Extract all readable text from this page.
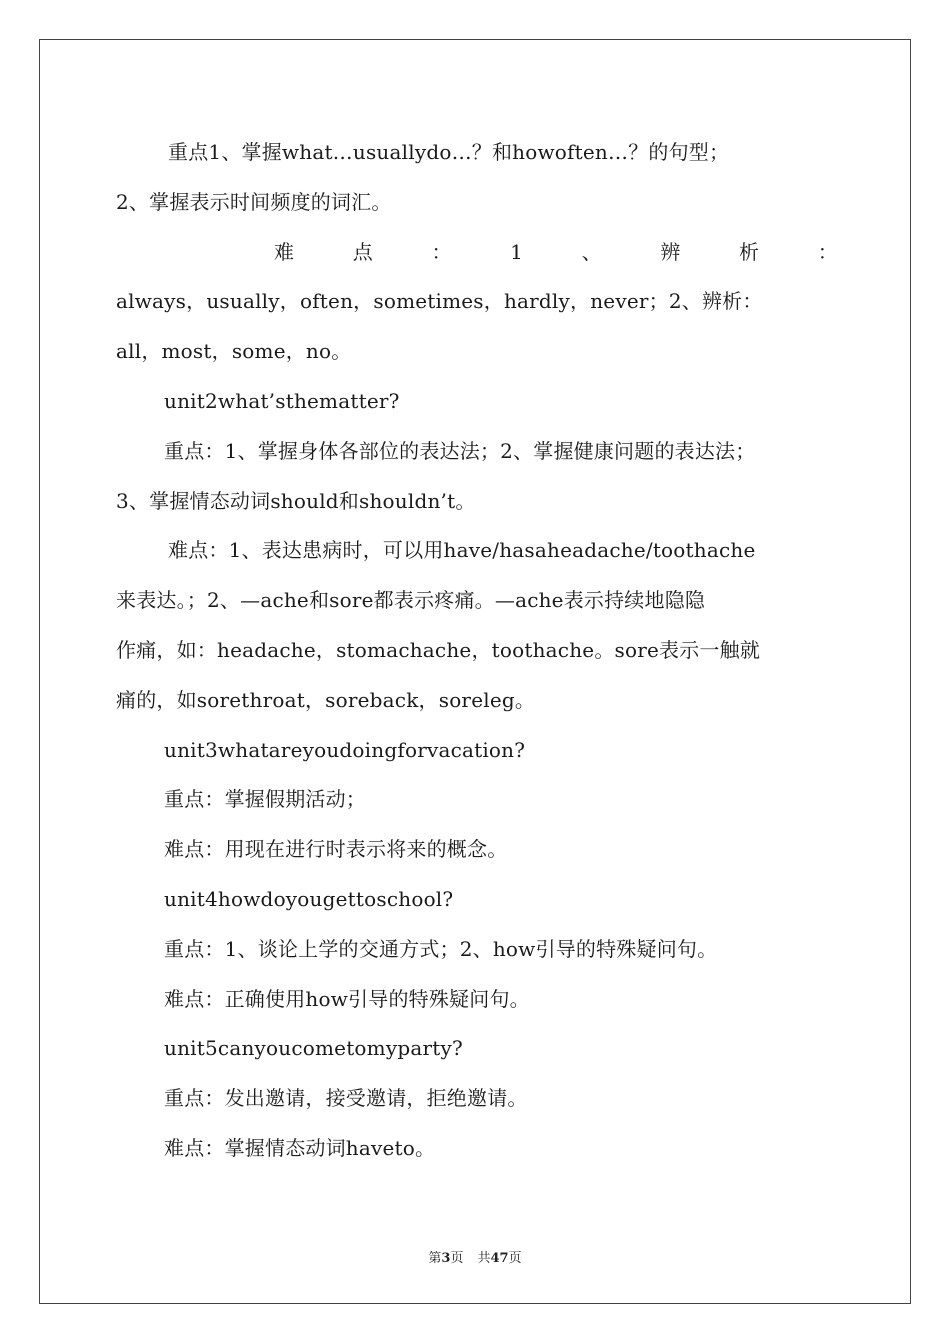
重点1、掌握what…usuallydo…？和howoften…？的句型；

2、掌握表示时间频度的词汇。

难	点	：	1	、	辨	析	：

always，usually，often，sometimes，hardly，never；2、辨析：

all，most，some，no。

unit2what’sthematter?

重点：1、掌握身体各部位的表达法；2、掌握健康问题的表达法；

3、掌握情态动词should和shouldn’t。

难点：1、表达患病时，可以用have/hasaheadache/toothache

来表达。；2、—ache和sore都表示疼痛。—ache表示持续地隐隐

作痛，如：headache，stomachache，toothache。sore表示一触就

痛的，如sorethroat，soreback，soreleg。

unit3whatareyoudoingforvacation?

重点：掌握假期活动；

难点：用现在进行时表示将来的概念。

unit4howdoyougettoschool?

重点：1、谈论上学的交通方式；2、how引导的特殊疑问句。

难点：正确使用how引导的特殊疑问句。

unit5canyoucometomyparty?

重点：发出邀请，接受邀请，拒绝邀请。

难点：掌握情态动词haveto。

第3页 共47页
